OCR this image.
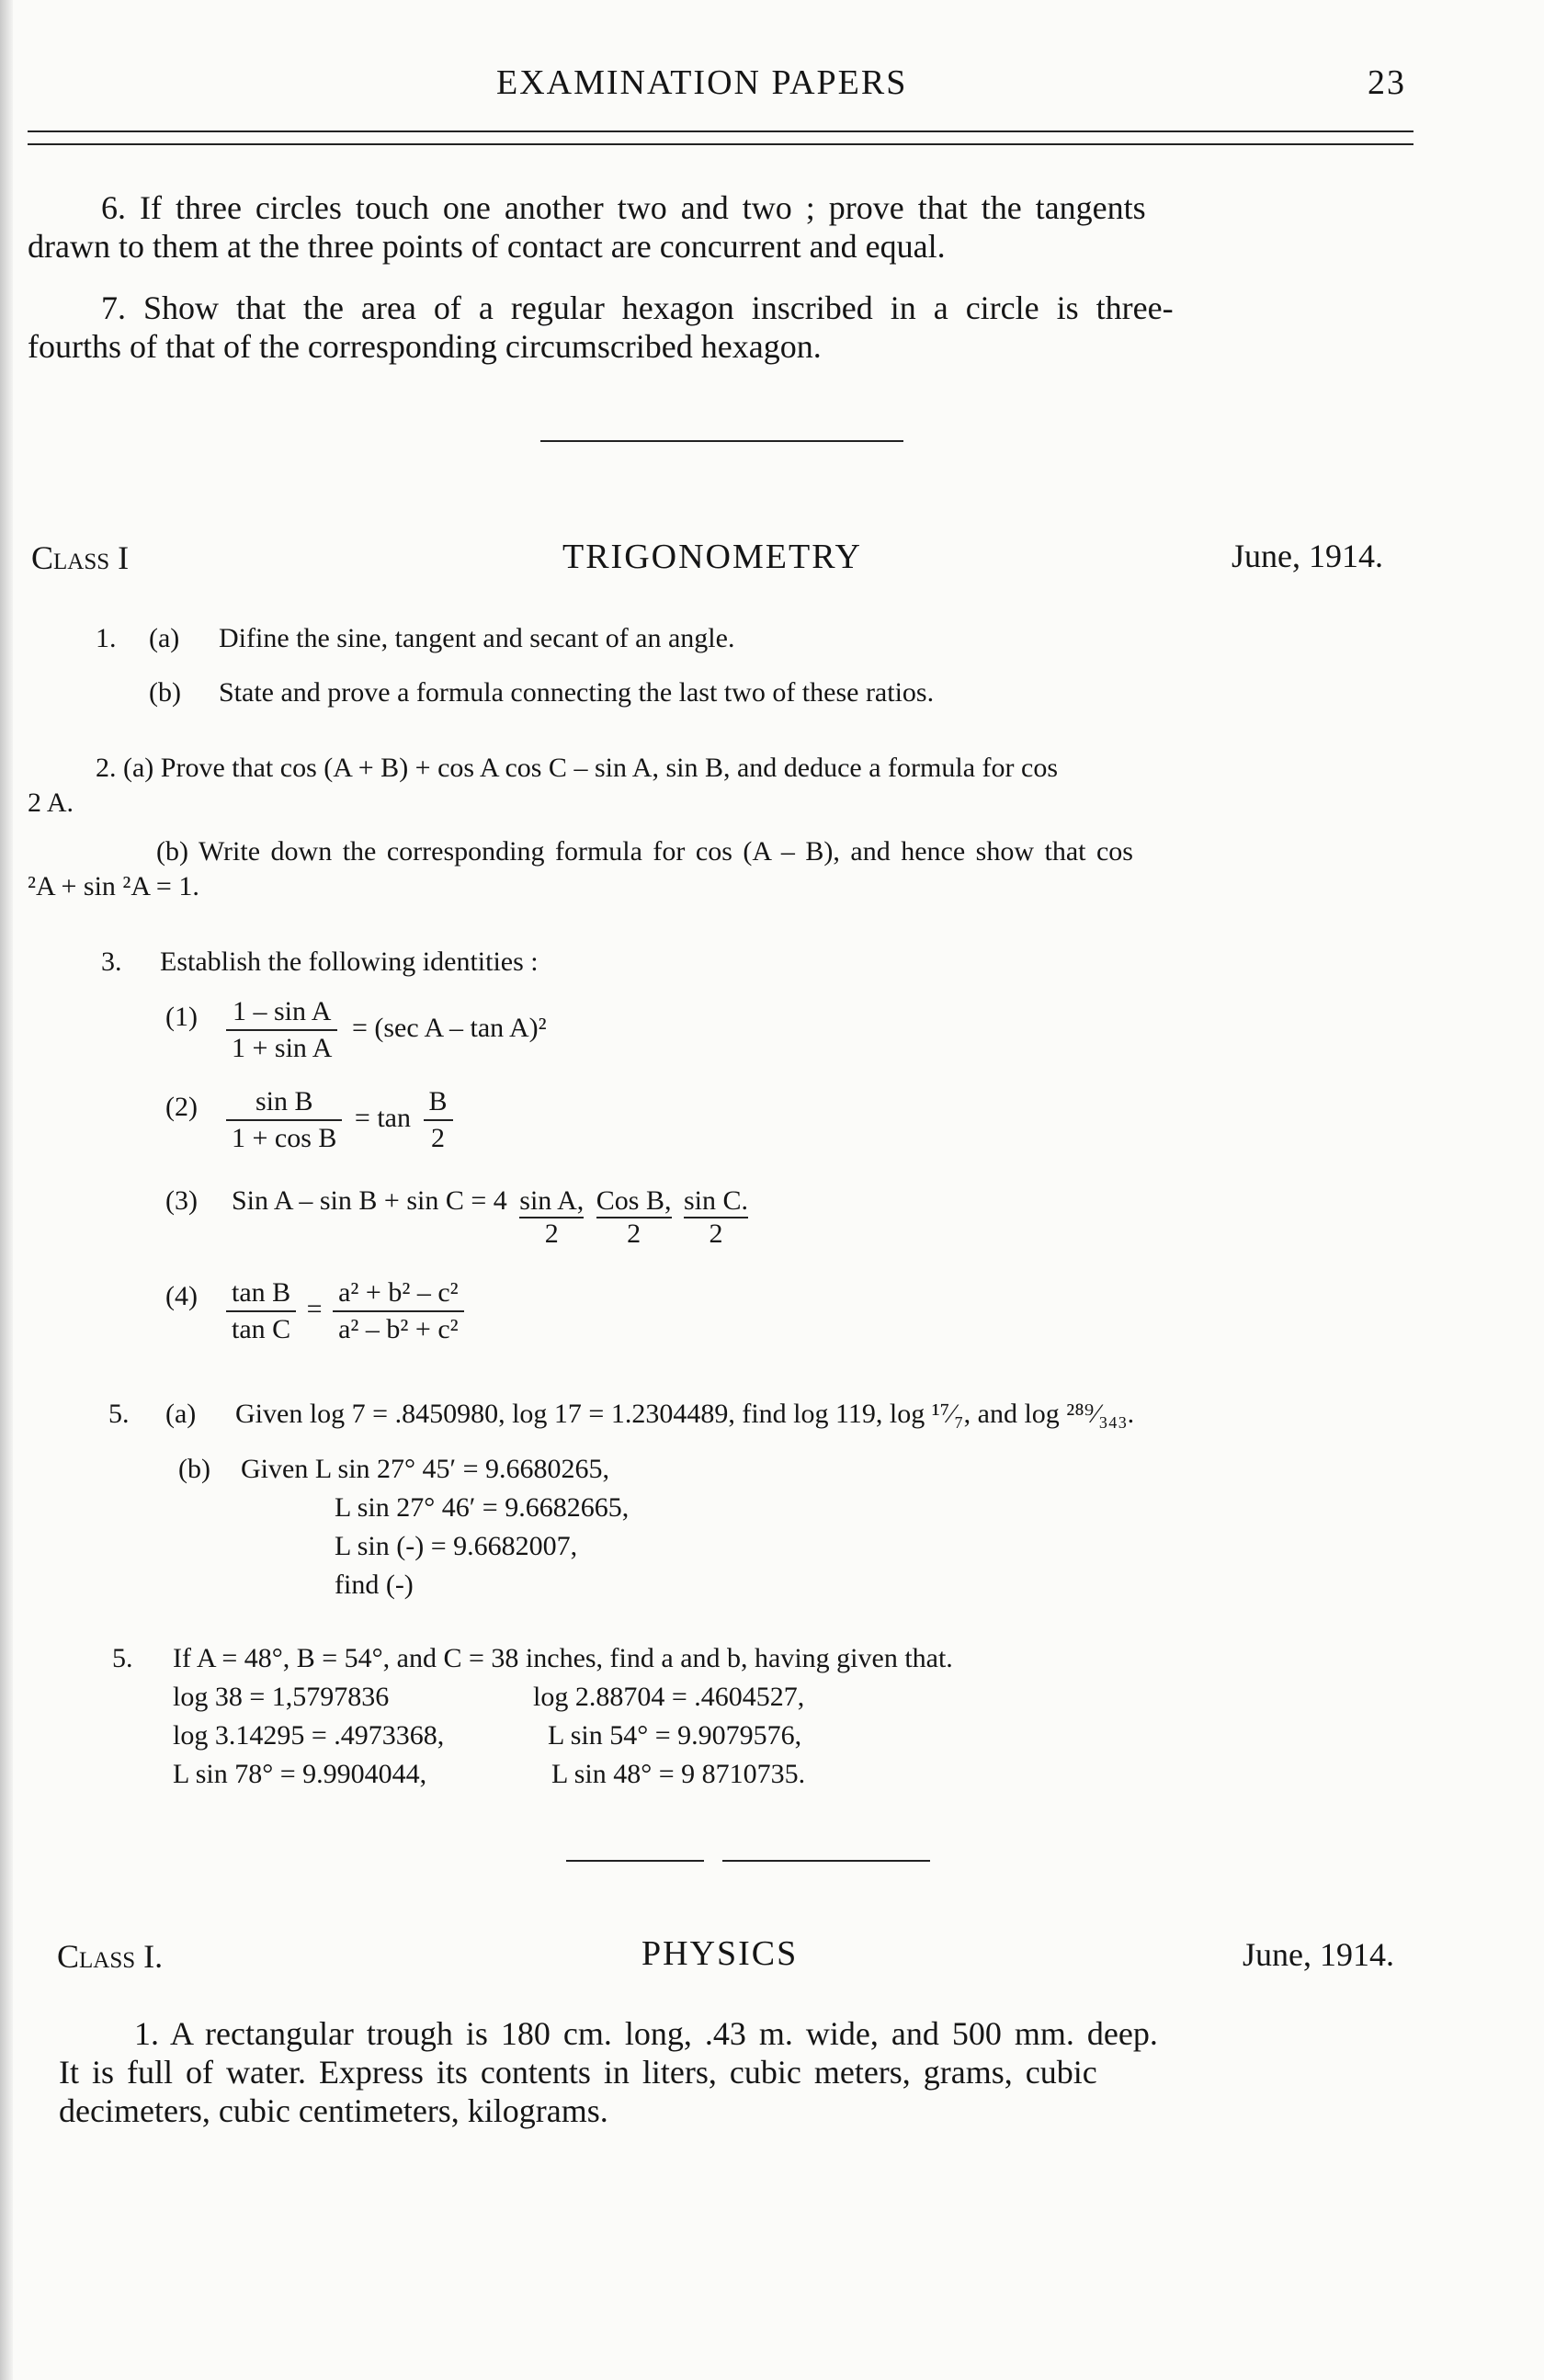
EXAMINATION PAPERS	23
6. If three circles touch one another two and two ; prove that the tangents
drawn to them at the three points of contact are concurrent and equal.
7. Show that the area of a regular hexagon inscribed in a circle is three-
fourths of that of the corresponding circumscribed hexagon.
Class I	TRIGONOMETRY	June, 1914.
1. (a) Difine the sine, tangent and secant of an angle.
(b) State and prove a formula connecting the last two of these ratios.
2. (a) Prove that cos (A + B) + cos A cos C – sin A, sin B, and deduce a formula for cos
2 A.
(b) Write down the corresponding formula for cos (A – B), and hence show that cos
²A + sin ²A = 1.
3. Establish the following identities :
$(1) \frac{\text{1 – sin A}}{\text{1 + sin A}} = (\sec$ A – tan A)²
$(2) \frac{\text{sin B}}{\text{1 + cos B}} = \tan \frac{B}{2}$
(3) Sin $A - \sin B + \sin C = 4 \frac{\text{sin A,}}{2}$
Cos B,
2
	$\frac{\text{sin C.}}{2}$
$(4) \frac{\text{tan B}}{\text{tan C}} = \frac{\text{a² + b² – c²}}{\text{a² – b² + c²}}$
5. (a) Given log 7 = .8450980, log 17 = 1.2304489, find log 119, log ¹⁷⁄₇, and log ²⁸⁹⁄₃₄₃.
(b) Given L sin 27° 45′ = 9.6680265,
L sin 27° 46′ = 9.6682665,
L sin (-) = 9.6682007,
find (-)
5. If A = 48°, B = 54°, and C = 38 inches, find a and b, having given that.
log 38 = 1,5797836	log 2.88704 = .4604527,
log 3.14295 = .4973368,	L sin 54° = 9.9079576,
L sin 78° = 9.9904044,	L sin 48° = 9 8710735.
Class I.	PHYSICS	June, 1914.
1. A rectangular trough is 180 cm. long, .43 m. wide, and 500 mm. deep.
It is full of water. Express its contents in liters, cubic meters, grams, cubic
decimeters, cubic centimeters, kilograms.
